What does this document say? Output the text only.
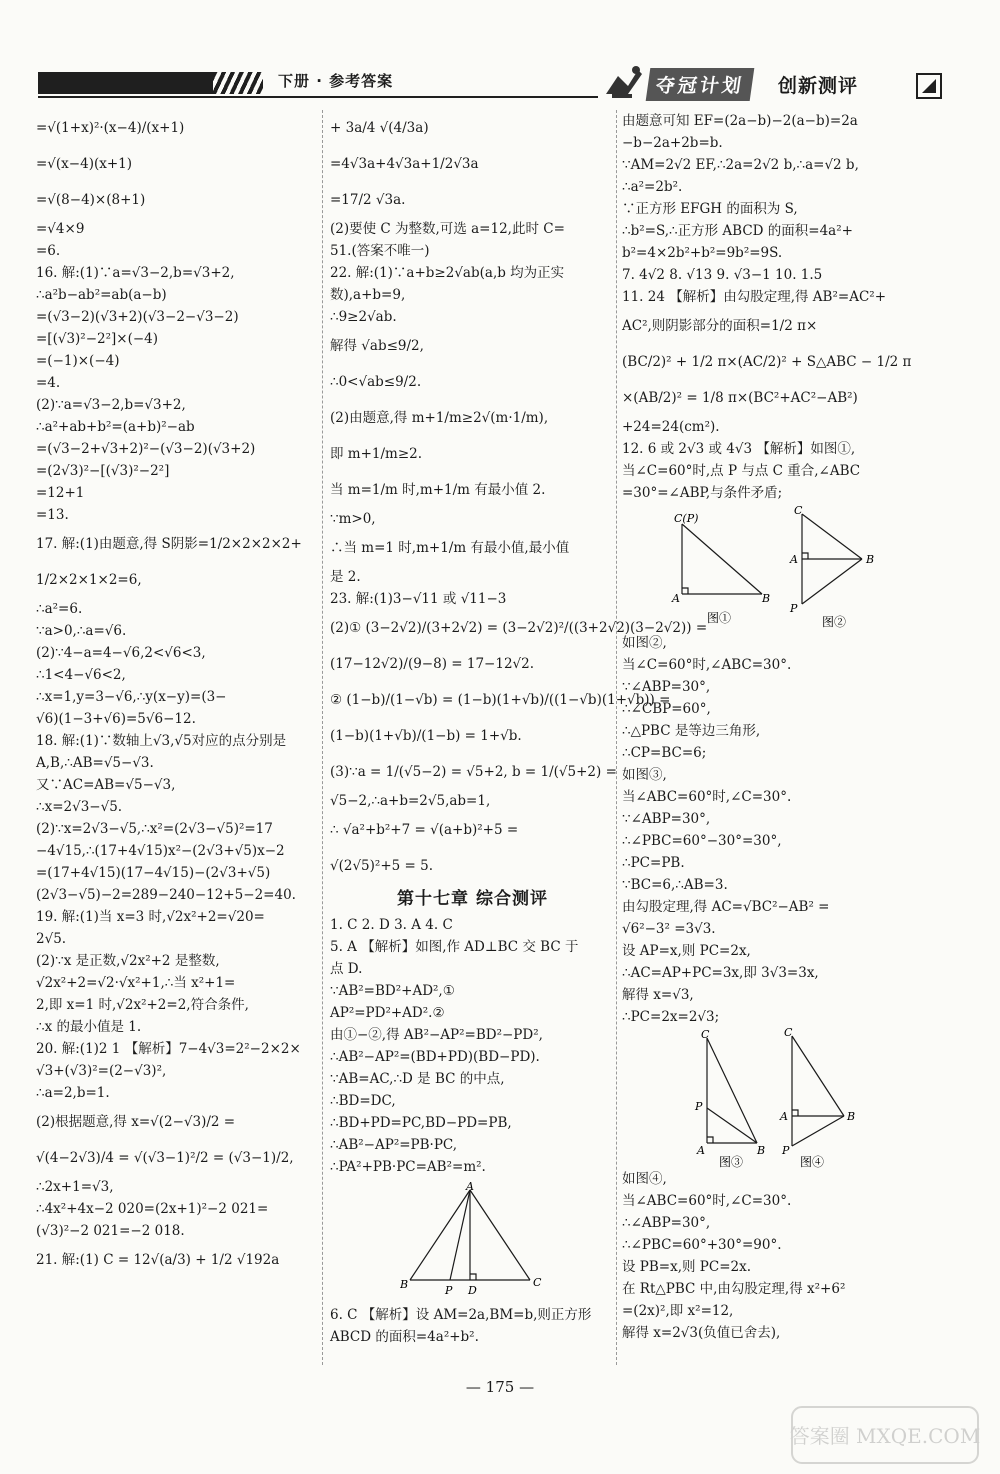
下册 · 参考答案	夺冠计划	创新测评
=√(1+x)²·(x−4)/(x+1)
=√(x−4)(x+1)
=√(8−4)×(8+1)
=√4×9
=6.
16. 解:(1)∵a=√3−2,b=√3+2,
∴a²b−ab²=ab(a−b)
=(√3−2)(√3+2)(√3−2−√3−2)
=[(√3)²−2²]×(−4)
=(−1)×(−4)
=4.
(2)∵a=√3−2,b=√3+2,
∴a²+ab+b²=(a+b)²−ab
=(√3−2+√3+2)²−(√3−2)(√3+2)
=(2√3)²−[(√3)²−2²]
=12+1
=13.
17. 解:(1)由题意,得 S阴影=1/2×2×2×2+
1/2×2×1×2=6,
∴a²=6.
∵a>0,∴a=√6.
(2)∵4−a=4−√6,2<√6<3,
∴1<4−√6<2,
∴x=1,y=3−√6,∴y(x−y)=(3−
√6)(1−3+√6)=5√6−12.
18. 解:(1)∵数轴上√3,√5对应的点分别是
A,B,∴AB=√5−√3.
又∵AC=AB=√5−√3,
∴x=2√3−√5.
(2)∵x=2√3−√5,∴x²=(2√3−√5)²=17
−4√15,∴(17+4√15)x²−(2√3+√5)x−2
=(17+4√15)(17−4√15)−(2√3+√5)
(2√3−√5)−2=289−240−12+5−2=40.
19. 解:(1)当 x=3 时,√2x²+2=√20=
2√5.
(2)∵x 是正数,√2x²+2 是整数,
√2x²+2=√2·√x²+1,∴当 x²+1=
2,即 x=1 时,√2x²+2=2,符合条件,
∴x 的最小值是 1.
20. 解:(1)2 1 【解析】7−4√3=2²−2×2×
√3+(√3)²=(2−√3)²,
∴a=2,b=1.
(2)根据题意,得 x=√(2−√3)/2 =
√(4−2√3)/4 = √(√3−1)²/2 = (√3−1)/2,
∴2x+1=√3,
∴4x²+4x−2 020=(2x+1)²−2 021=
(√3)²−2 021=−2 018.
21. 解:(1) C = 12√(a/3) + 1/2 √192a
+ 3a/4 √(4/3a)
=4√3a+4√3a+1/2√3a
=17/2 √3a.
(2)要使 C 为整数,可选 a=12,此时 C=
51.(答案不唯一)
22. 解:(1)∵a+b≥2√ab(a,b 均为正实
数),a+b=9,
∴9≥2√ab.
解得 √ab≤9/2,
∴0<√ab≤9/2.
(2)由题意,得 m+1/m≥2√(m·1/m),
即 m+1/m≥2.
当 m=1/m 时,m+1/m 有最小值 2.
∵m>0,
∴当 m=1 时,m+1/m 有最小值,最小值
是 2.
23. 解:(1)3−√11 或 √11−3
(2)① (3−2√2)/(3+2√2) = (3−2√2)²/((3+2√2)(3−2√2)) =
(17−12√2)/(9−8) = 17−12√2.
② (1−b)/(1−√b) = (1−b)(1+√b)/((1−√b)(1+√b)) =
(1−b)(1+√b)/(1−b) = 1+√b.
(3)∵a = 1/(√5−2) = √5+2, b = 1/(√5+2) =
√5−2,∴a+b=2√5,ab=1,
∴ √a²+b²+7 = √(a+b)²+5 =
√(2√5)²+5 = 5.
第十七章 综合测评
1. C 2. D 3. A 4. C
5. A 【解析】如图,作 AD⊥BC 交 BC 于
点 D.
∵AB²=BD²+AD²,①
AP²=PD²+AD².②
由①−②,得 AB²−AP²=BD²−PD²,
∴AB²−AP²=(BD+PD)(BD−PD).
∵AB=AC,∴D 是 BC 的中点,
∴BD=DC,
∴BD+PD=PC,BD−PD=PB,
∴AB²−AP²=PB·PC,
∴PA²+PB·PC=AB²=m².
A
B	P D
C
6. C 【解析】设 AM=2a,BM=b,则正方形
ABCD 的面积=4a²+b².
由题意可知 EF=(2a−b)−2(a−b)=2a
−b−2a+2b=b.
∵AM=2√2 EF,∴2a=2√2 b,∴a=√2 b,
∴a²=2b².
∵正方形 EFGH 的面积为 S,
∴b²=S,∴正方形 ABCD 的面积=4a²+
b²=4×2b²+b²=9b²=9S.
7. 4√2 8. √13 9. √3−1 10. 1.5
11. 24 【解析】由勾股定理,得 AB²=AC²+
AC²,则阴影部分的面积=1/2 π×
(BC/2)² + 1/2 π×(AC/2)² + S△ABC − 1/2 π
×(AB/2)² = 1/8 π×(BC²+AC²−AB²)
+24=24(cm²).
12. 6 或 2√3 或 4√3 【解析】如图①,
当∠C=60°时,点 P 与点 C 重合,∠ABC
=30°=∠ABP,与条件矛盾;
C(P)
A	B
图①
C
A	B
P
图②
如图②,
当∠C=60°时,∠ABC=30°.
∵∠ABP=30°,
∴∠CBP=60°,
∴△PBC 是等边三角形,
∴CP=BC=6;
如图③,
当∠ABC=60°时,∠C=30°.
∵∠ABP=30°,
∴∠PBC=60°−30°=30°,
∴PC=PB.
∵BC=6,∴AB=3.
由勾股定理,得 AC=√BC²−AB² =
√6²−3² =3√3.
设 AP=x,则 PC=2x,
∴AC=AP+PC=3x,即 3√3=3x,
解得 x=√3,
∴PC=2x=2√3;
C
P
A	B
图③
C
A	B
P
图④
如图④,
当∠ABC=60°时,∠C=30°.
∴∠ABP=30°,
∴∠PBC=60°+30°=90°.
设 PB=x,则 PC=2x.
在 Rt△PBC 中,由勾股定理,得 x²+6²
=(2x)²,即 x²=12,
解得 x=2√3(负值已舍去),
— 175 —
答案圈 MXQE.COM
